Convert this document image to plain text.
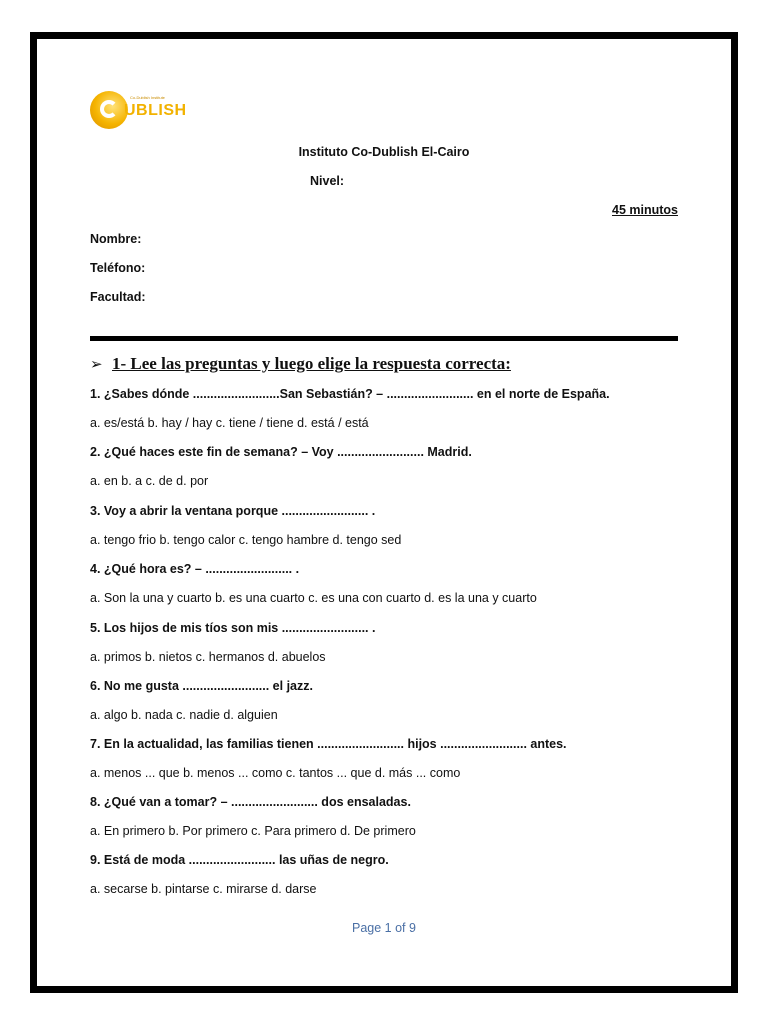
Co-Dublish Institute
UBLISH
Instituto Co-Dublish El-Cairo
Nivel:
45 minutos
Nombre:
Teléfono:
Facultad:
➢ 1- Lee las preguntas y luego elige la respuesta correcta:
1. ¿Sabes dónde .........................San Sebastián? – ......................... en el norte de España.
a. es/está b. hay / hay c. tiene / tiene d. está / está
2. ¿Qué haces este fin de semana? – Voy ......................... Madrid.
a. en b. a c. de d. por
3. Voy a abrir la ventana porque ......................... .
a. tengo frio b. tengo calor c. tengo hambre d. tengo sed
4. ¿Qué hora es? – ......................... .
a. Son la una y cuarto b. es una cuarto c. es una con cuarto d. es la una y cuarto
5. Los hijos de mis tíos son mis ......................... .
a. primos b. nietos c. hermanos d. abuelos
6. No me gusta ......................... el jazz.
a. algo b. nada c. nadie d. alguien
7. En la actualidad, las familias tienen ......................... hijos ......................... antes.
a. menos ... que b. menos ... como c. tantos ... que d. más ... como
8. ¿Qué van a tomar? – ......................... dos ensaladas.
a. En primero b. Por primero c. Para primero d. De primero
9. Está de moda ......................... las uñas de negro.
a. secarse b. pintarse c. mirarse d. darse
Page 1 of 9
